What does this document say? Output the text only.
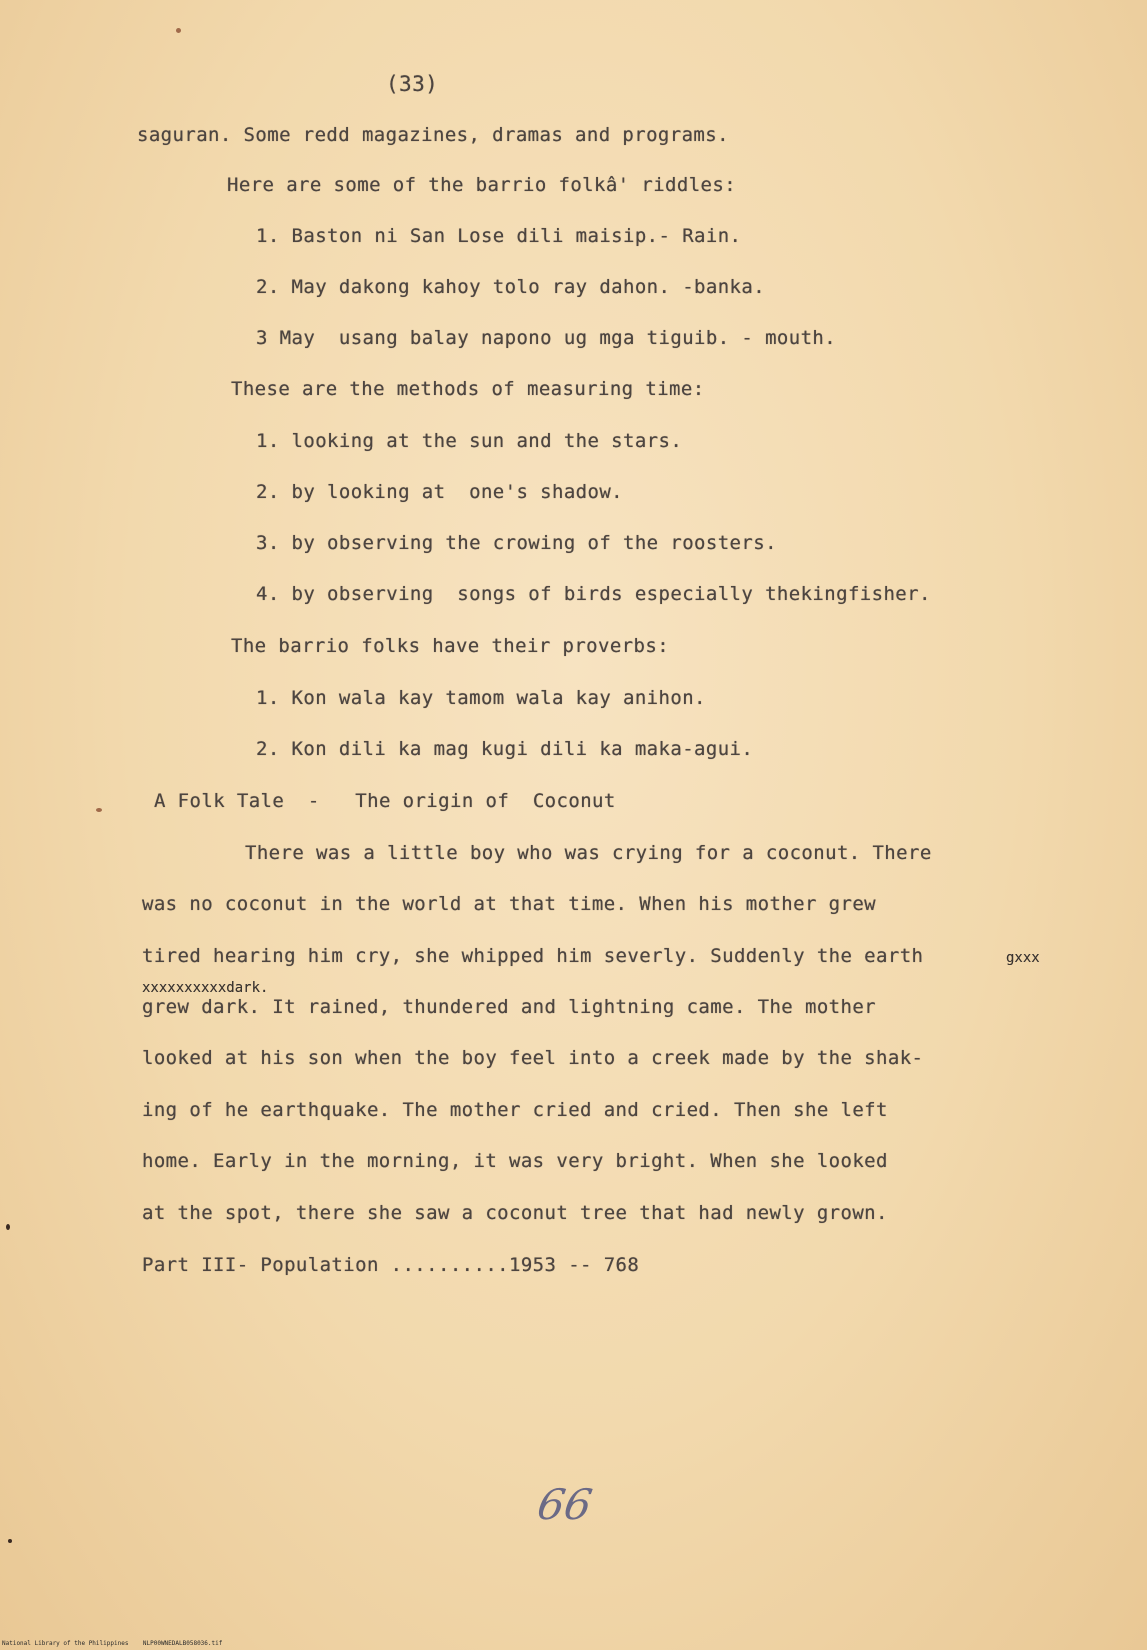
(33)
saguran. Some redd magazines, dramas and programs.
Here are some of the barrio folkâ' riddles:
1. Baston ni San Lose dili maisip.- Rain.
2. May dakong kahoy tolo ray dahon. -banka.
3 May  usang balay napono ug mga tiguib. - mouth.
These are the methods of measuring time:
1. looking at the sun and the stars.
2. by looking at  one's shadow.
3. by observing the crowing of the roosters.
4. by observing  songs of birds especially thekingfisher.
The barrio folks have their proverbs:
1. Kon wala kay tamom wala kay anihon.
2. Kon dili ka mag kugi dili ka maka-agui.
A Folk Tale  -   The origin of  Coconut
There was a little boy who was crying for a coconut. There
was no coconut in the world at that time. When his mother grew
tired hearing him cry, she whipped him severly. Suddenly the earth	gxxx
xxxxxxxxxxdark.
grew dark. It rained, thundered and lightning came. The mother
looked at his son when the boy feel into a creek made by the shak-
ing of he earthquake. The mother cried and cried. Then she left
home. Early in the morning, it was very bright. When she looked
at the spot, there she saw a coconut tree that had newly grown.
Part III- Population ..........1953 -- 768
66
National Library of the Philippines    NLP00WNEDALB058036.tif
